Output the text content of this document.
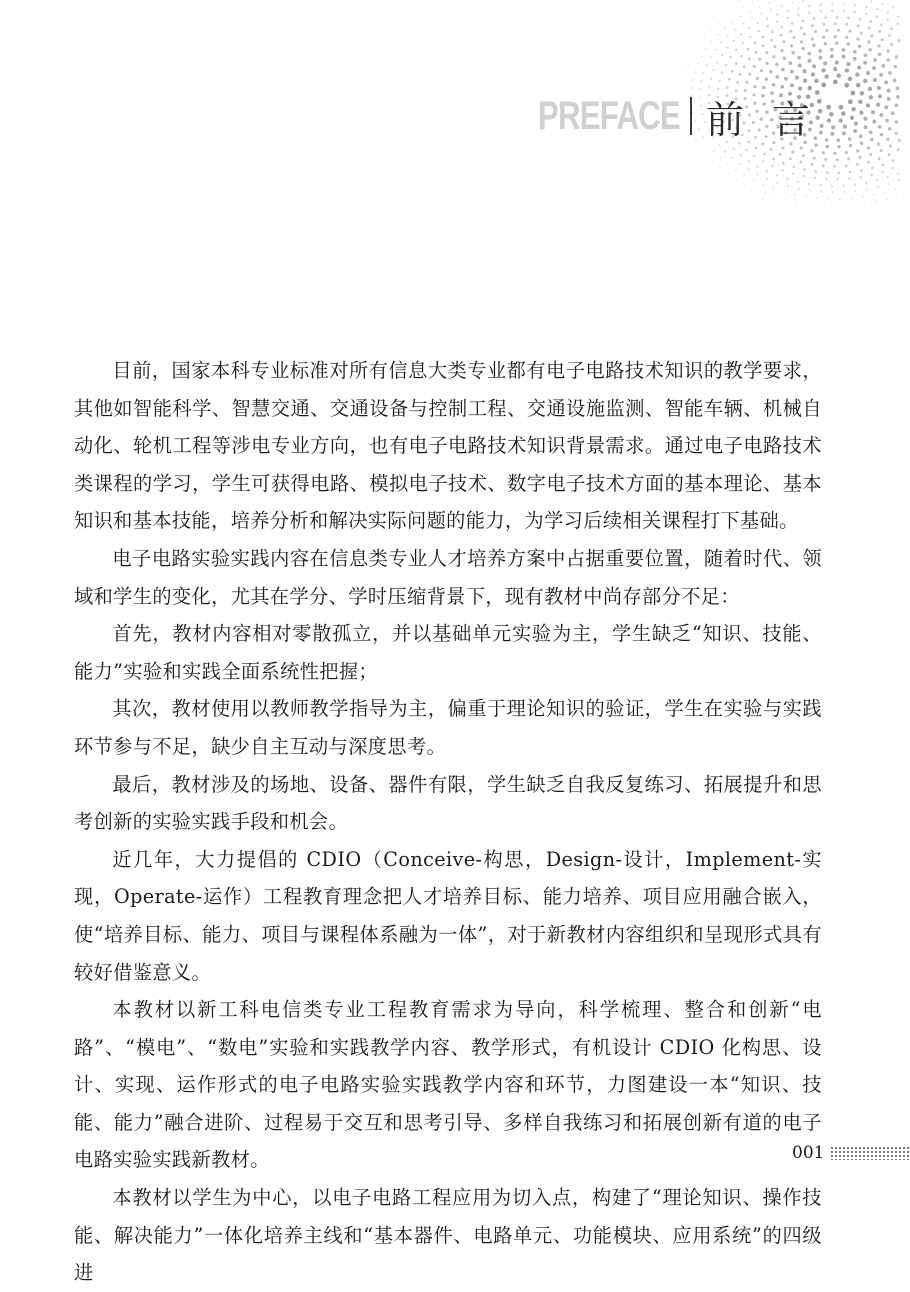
PREFACE 前言

目前，国家本科专业标准对所有信息大类专业都有电子电路技术知识的教学要求，其他如智能科学、智慧交通、交通设备与控制工程、交通设施监测、智能车辆、机械自动化、轮机工程等涉电专业方向，也有电子电路技术知识背景需求。通过电子电路技术类课程的学习，学生可获得电路、模拟电子技术、数字电子技术方面的基本理论、基本知识和基本技能，培养分析和解决实际问题的能力，为学习后续相关课程打下基础。

电子电路实验实践内容在信息类专业人才培养方案中占据重要位置，随着时代、领域和学生的变化，尤其在学分、学时压缩背景下，现有教材中尚存部分不足：

首先，教材内容相对零散孤立，并以基础单元实验为主，学生缺乏“知识、技能、能力”实验和实践全面系统性把握；

其次，教材使用以教师教学指导为主，偏重于理论知识的验证，学生在实验与实践环节参与不足，缺少自主互动与深度思考。

最后，教材涉及的场地、设备、器件有限，学生缺乏自我反复练习、拓展提升和思考创新的实验实践手段和机会。

近几年，大力提倡的 CDIO（Conceive-构思，Design-设计，Implement-实现，Operate-运作）工程教育理念把人才培养目标、能力培养、项目应用融合嵌入，使“培养目标、能力、项目与课程体系融为一体”，对于新教材内容组织和呈现形式具有较好借鉴意义。

本教材以新工科电信类专业工程教育需求为导向，科学梳理、整合和创新“电路”、“模电”、“数电”实验和实践教学内容、教学形式，有机设计 CDIO 化构思、设计、实现、运作形式的电子电路实验实践教学内容和环节，力图建设一本“知识、技能、能力”融合进阶、过程易于交互和思考引导、多样自我练习和拓展创新有道的电子电路实验实践新教材。

本教材以学生为中心，以电子电路工程应用为切入点，构建了“理论知识、操作技能、解决能力”一体化培养主线和“基本器件、电路单元、功能模块、应用系统”的四级进

001
